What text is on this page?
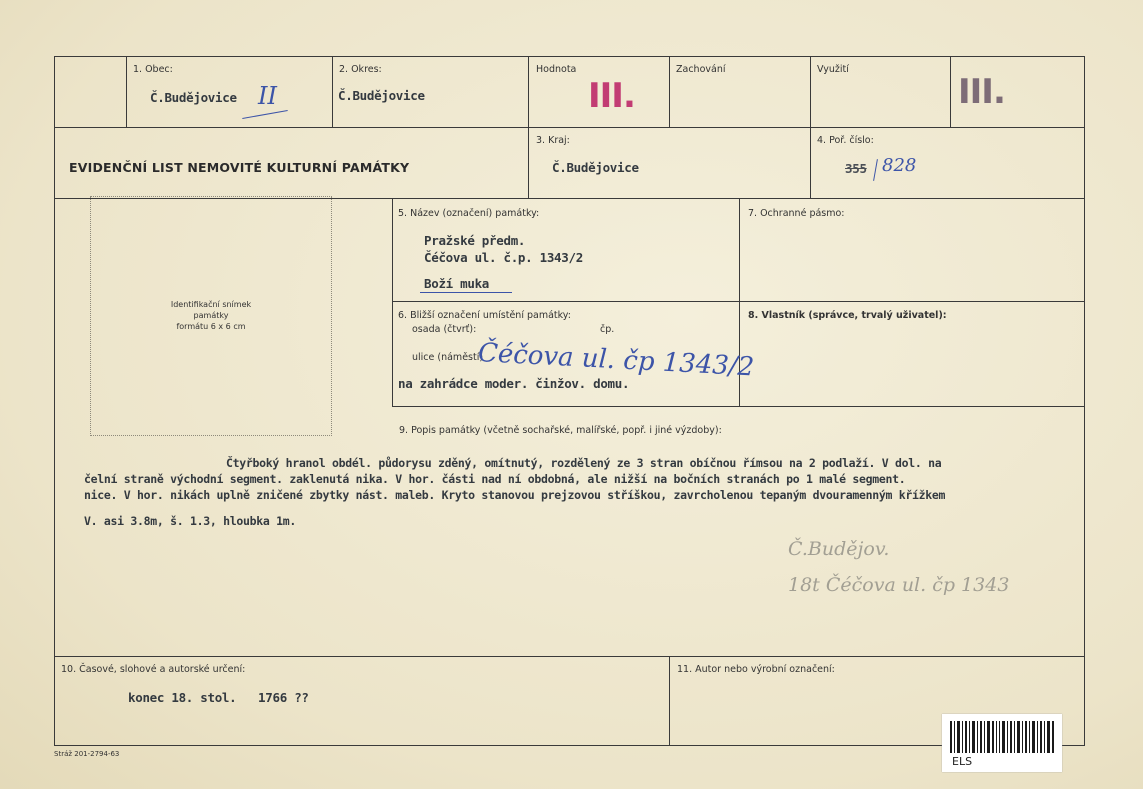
1. Obec:
Č.Budějovice II
2. Okres:
Č.Budějovice
Hodnota
III.
Zachování	Využití
III.
EVIDENČNÍ LIST NEMOVITÉ KULTURNÍ PAMÁTKY
3. Kraj:
Č.Budějovice
4. Poř. číslo:
355 828
Identifikační snímek
památky
formátu 6 x 6 cm
5. Název (označení) památky:
Pražské předm.
Čéčova ul. č.p. 1343/2
Boží muka
7. Ochranné pásmo:
6. Bližší označení umístění památky:
osada (čtvrť):	čp.
ulice (náměstí)
Čéčova ul. čp 1343/2
na zahrádce moder. činžov. domu.
8. Vlastník (správce, trvalý uživatel):
9. Popis památky (včetně sochařské, malířské, popř. i jiné výzdoby):
Čtyřboký hranol obdél. půdorysu zděný, omítnutý, rozdělený ze 3 stran obíčnou římsou na 2 podlaží. V dol. na
čelní straně východní segment. zaklenutá nika. V hor. části nad ní obdobná, ale nižší na bočních stranách po 1 malé segment.
nice. V hor. nikách uplně zničené zbytky nást. maleb. Kryto stanovou prejzovou stříškou, zavrcholenou tepaným dvouramenným křížkem
V. asi 3.8m, š. 1.3, hloubka 1m.
Č.Budějov.
18t Čéčova ul. čp 1343
10. Časové, slohové a autorské určení:
konec 18. stol.   1766 ??
11. Autor nebo výrobní označení:
Stráž 201-2794-63
ELS
